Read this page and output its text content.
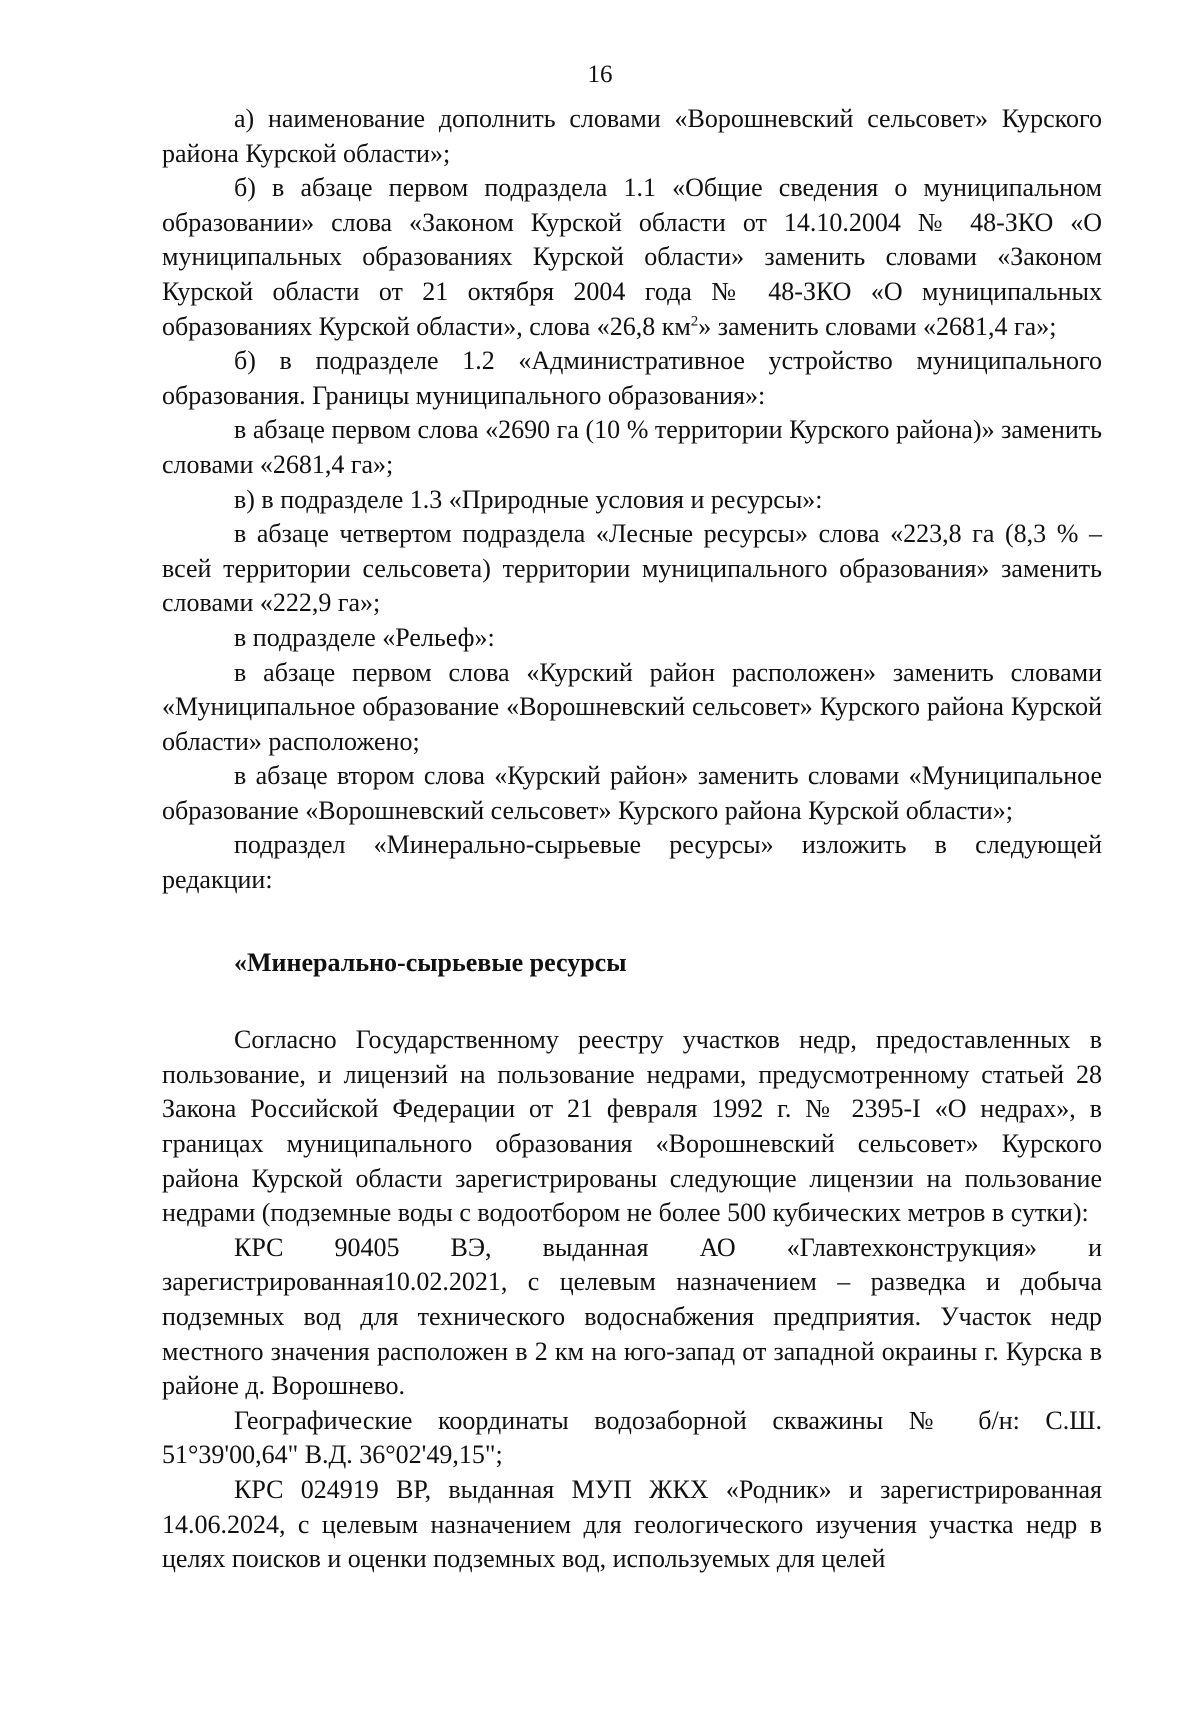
16

а) наименование дополнить словами «Ворошневский сельсовет» Курского района Курской области»;

б) в абзаце первом подраздела 1.1 «Общие сведения о муниципальном образовании» слова «Законом Курской области от 14.10.2004 № 48-ЗКО «О муниципальных образованиях Курской области» заменить словами «Законом Курской области от 21 октября 2004 года № 48-ЗКО «О муниципальных образованиях Курской области», слова «26,8 $км^2$» заменить словами «2681,4 га»;

б) в подразделе 1.2 «Административное устройство муниципального образования. Границы муниципального образования»:

в абзаце первом слова «2690 га (10 % территории Курского района)» заменить словами «2681,4 га»;

в) в подразделе 1.3 «Природные условия и ресурсы»:

в абзаце четвертом подраздела «Лесные ресурсы» слова «223,8 га (8,3 % – всей территории сельсовета) территории муниципального образования» заменить словами «222,9 га»;

в подразделе «Рельеф»:

в абзаце первом слова «Курский район расположен» заменить словами «Муниципальное образование «Ворошневский сельсовет» Курского района Курской области» расположено;

в абзаце втором слова «Курский район» заменить словами «Муниципальное образование «Ворошневский сельсовет» Курского района Курской области»;

подраздел «Минерально-сырьевые ресурсы» изложить в следующей редакции:

«Минерально-сырьевые ресурсы

Согласно Государственному реестру участков недр, предоставленных в пользование, и лицензий на пользование недрами, предусмотренному статьей 28 Закона Российской Федерации от 21 февраля 1992 г. № 2395-I «О недрах», в границах муниципального образования «Ворошневский сельсовет» Курского района Курской области зарегистрированы следующие лицензии на пользование недрами (подземные воды с водоотбором не более 500 кубических метров в сутки):

КРС 90405 ВЭ, выданная АО «Главтехконструкция» и зарегистрированная10.02.2021, с целевым назначением – разведка и добыча подземных вод для технического водоснабжения предприятия. Участок недр местного значения расположен в 2 км на юго-запад от западной окраины г. Курска в районе д. Ворошнево.

Географические координаты водозаборной скважины № б/н: С.Ш. 51°39'00,64" В.Д. 36°02'49,15";

КРС 024919 ВР, выданная МУП ЖКХ «Родник» и зарегистрированная 14.06.2024, с целевым назначением для геологического изучения участка недр в целях поисков и оценки подземных вод, используемых для целей
